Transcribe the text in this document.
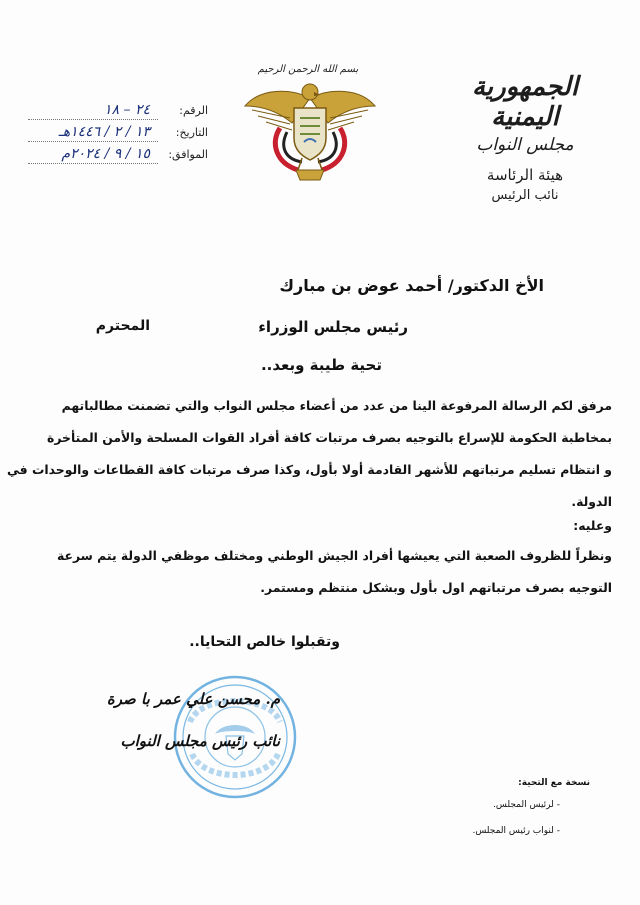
الجمهورية اليمنية
مجلس النواب
هيئة الرئاسة
نائب الرئيس
بسم الله الرحمن الرحيم
الرقم:
٢٤ – ١٨
التاريخ:
١٣ / ٢ / ١٤٤٦هـ
الموافق:
١٥ / ٩ / ٢٠٢٤م
الأخ الدكتور/ أحمد عوض بن مبارك
رئيس مجلس الوزراء
المحترم
تحية طيبة وبعد..
مرفق لكم الرسالة المرفوعة الينا من عدد من أعضاء مجلس النواب والتي تضمنت مطالباتهم
بمخاطبة الحكومة للإسراع بالتوجيه بصرف مرتبات كافة أفراد القوات المسلحة والأمن المتأخرة
و انتظام تسليم مرتباتهم للأشهر القادمة أولا بأول، وكذا صرف مرتبات كافة القطاعات والوحدات في
الدولة.
وعليه:
ونظراً للظروف الصعبة التي يعيشها أفراد الجيش الوطني ومختلف موظفي الدولة يتم سرعة
التوجيه بصرف مرتباتهم اول بأول وبشكل منتظم ومستمر.
وتقبلوا خالص التحايا..
م. محسن علي عمر با صرة
نائب رئيس مجلس النواب
نسخة مع التحية:
- لرئيس المجلس.
- لنواب رئيس المجلس.
